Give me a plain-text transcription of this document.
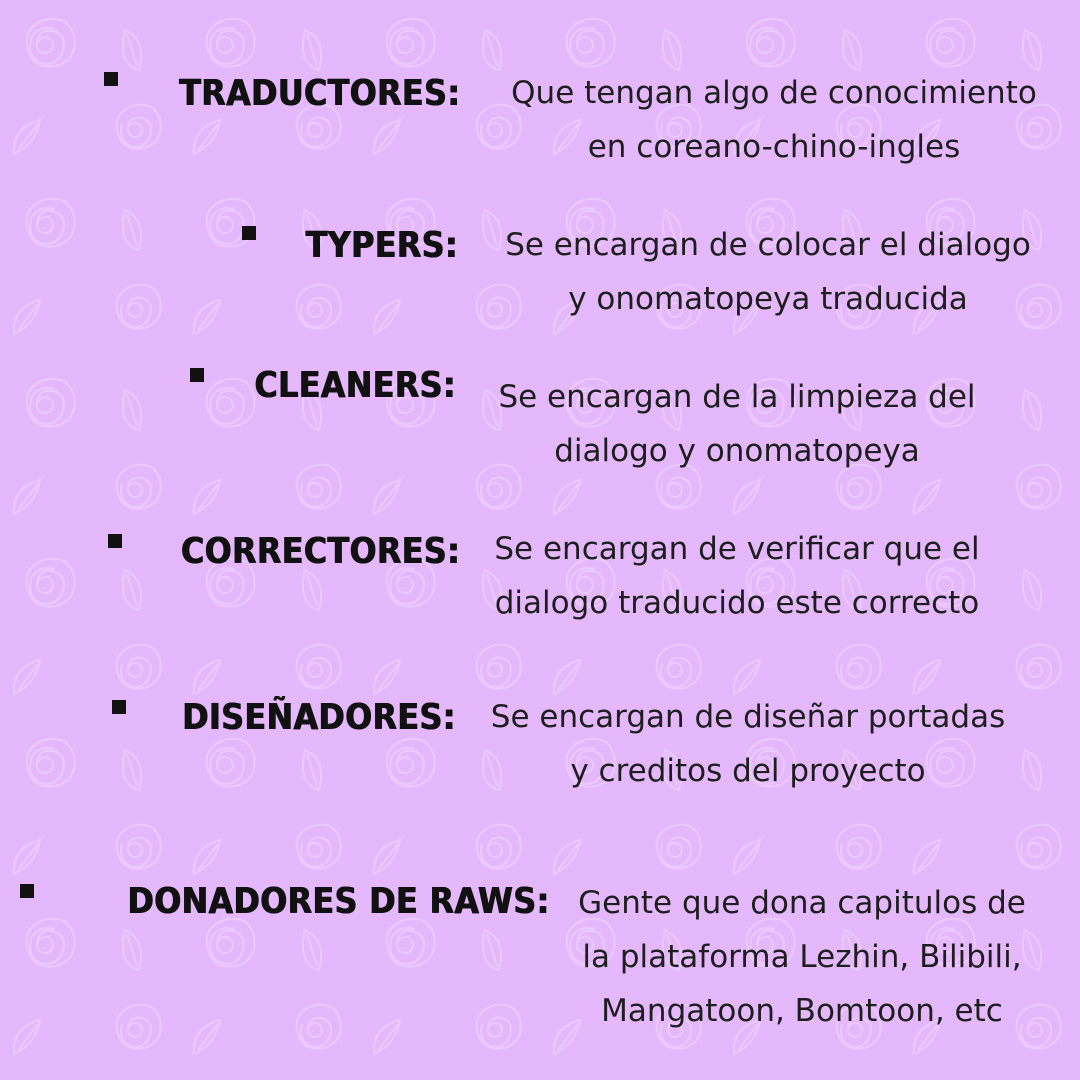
TRADUCTORES:	Que tengan algo de conocimiento
en coreano-chino-ingles
TYPERS: Se encargan de colocar el dialogo
y onomatopeya traducida
CLEANERS: Se encargan de la limpieza del
dialogo y onomatopeya
CORRECTORES:	Se encargan de verificar que el
dialogo traducido este correcto
DISEÑADORES:	Se encargan de diseñar portadas
y creditos del proyecto
DONADORES DE RAWS: Gente que dona capitulos de
la plataforma Lezhin, Bilibili,
Mangatoon, Bomtoon, etc
